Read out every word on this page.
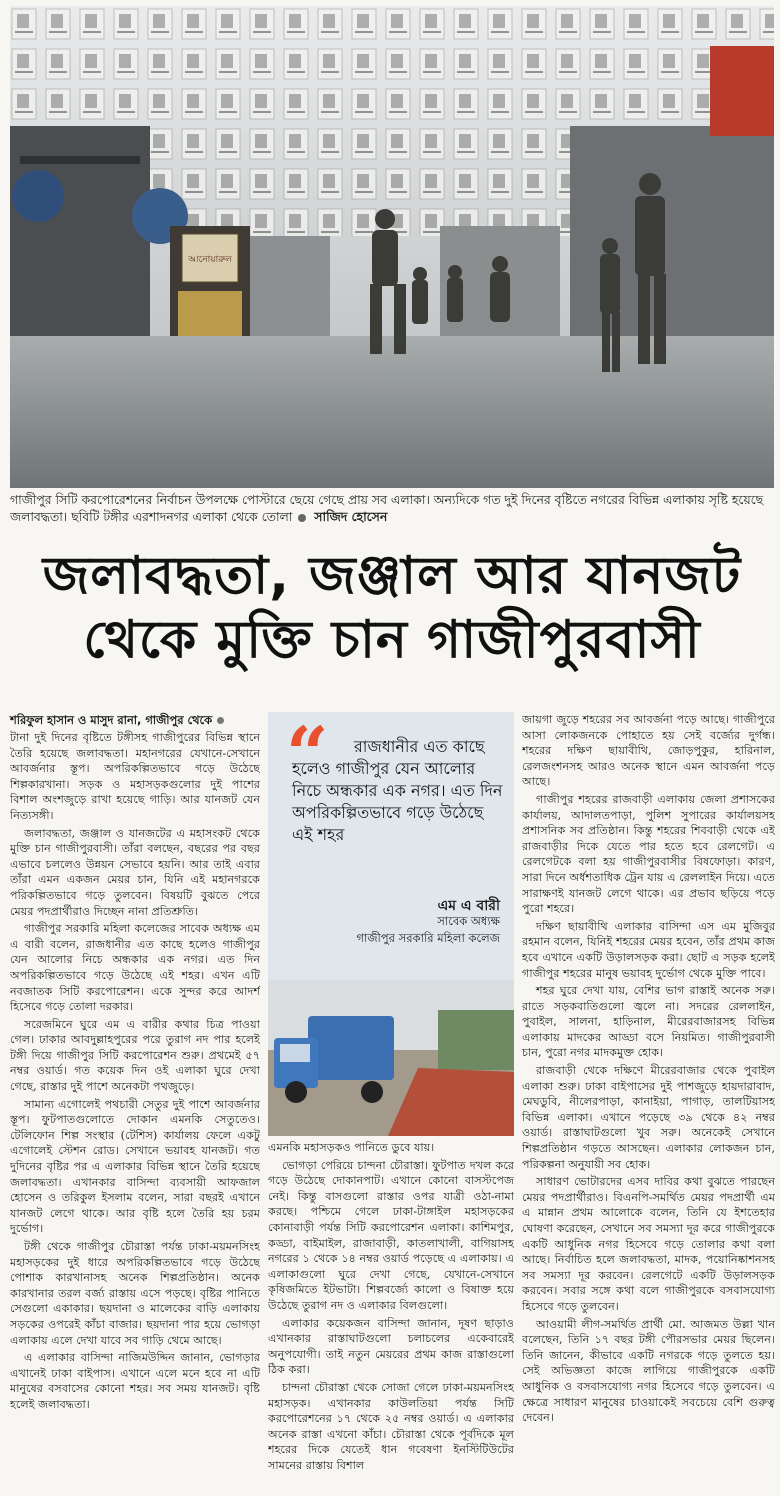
আনোয়ারুল
গাজীপুর সিটি করপোরেশনের নির্বাচন উপলক্ষে পোস্টারে ছেয়ে গেছে প্রায় সব এলাকা। অন্যদিকে গত দুই দিনের বৃষ্টিতে নগরের বিভিন্ন এলাকায় সৃষ্টি হয়েছে জলাবদ্ধতা। ছবিটি টঙ্গীর এরশাদনগর এলাকা থেকে তোলা সাজিদ হোসেন
জলাবদ্ধতা, জঞ্জাল আর যানজট
থেকে মুক্তি চান গাজীপুরবাসী
শরিফুল হাসান ও মাসুদ রানা, গাজীপুর থেকে

টানা দুই দিনের বৃষ্টিতে টঙ্গীসহ গাজীপুরের বিভিন্ন স্থানে তৈরি হয়েছে জলাবদ্ধতা। মহানগরের যেখানে-সেখানে আবর্জনার স্তূপ। অপরিকল্পিতভাবে গড়ে উঠেছে শিল্পকারখানা। সড়ক ও মহাসড়কগুলোর দুই পাশের বিশাল অংশজুড়ে রাখা হয়েছে গাড়ি। আর যানজট যেন নিত্যসঙ্গী।

জলাবদ্ধতা, জঞ্জাল ও যানজটের এ মহাসংকট থেকে মুক্তি চান গাজীপুরবাসী। তাঁরা বলছেন, বছরের পর বছর এভাবে চললেও উন্নয়ন সেভাবে হয়নি। আর তাই এবার তাঁরা এমন একজন মেয়র চান, যিনি এই মহানগরকে পরিকল্পিতভাবে গড়ে তুলবেন। বিষয়টি বুঝতে পেরে মেয়র পদপ্রার্থীরাও দিচ্ছেন নানা প্রতিশ্রুতি।

গাজীপুর সরকারি মহিলা কলেজের সাবেক অধ্যক্ষ এম এ বারী বলেন, রাজধানীর এত কাছে হলেও গাজীপুর যেন আলোর নিচে অন্ধকার এক নগর। এত দিন অপরিকল্পিতভাবে গড়ে উঠেছে এই শহর। এখন এটি নবজাতক সিটি করপোরেশন। একে সুন্দর করে আদর্শ হিসেবে গড়ে তোলা দরকার।

সরেজমিনে ঘুরে এম এ বারীর কথার চিত্র পাওয়া গেল। ঢাকার আবদুল্লাহপুরের পরে তুরাগ নদ পার হলেই টঙ্গী দিয়ে গাজীপুর সিটি করপোরেশন শুরু। প্রথমেই ৫৭ নম্বর ওয়ার্ড। গত কয়েক দিন ওই এলাকা ঘুরে দেখা গেছে, রাস্তার দুই পাশে অনেকটা পথজুড়ে।

সামান্য এগোলেই পথচারী সেতুর দুই পাশে আবর্জনার স্তূপ। ফুটপাতগুলোতে দোকান এমনকি সেতুতেও। টেলিফোন শিল্প সংস্থার (টেশিস) কার্যালয় ফেলে একটু এগোলেই স্টেশন রোড। সেখানে ভয়াবহ যানজট। গত দুদিনের বৃষ্টির পর এ এলাকার বিভিন্ন স্থানে তৈরি হয়েছে জলাবদ্ধতা। এখানকার বাসিন্দা ব্যবসায়ী আফজাল হোসেন ও তরিকুল ইসলাম বলেন, সারা বছরই এখানে যানজট লেগে থাকে। আর বৃষ্টি হলে তৈরি হয় চরম দুর্ভোগ।

টঙ্গী থেকে গাজীপুর চৌরাস্তা পর্যন্ত ঢাকা-ময়মনসিংহ মহাসড়কের দুই ধারে অপরিকল্পিতভাবে গড়ে উঠেছে পোশাক কারখানাসহ অনেক শিল্পপ্রতিষ্ঠান। অনেক কারখানার তরল বর্জ্য রাস্তায় এসে পড়ছে। বৃষ্টির পানিতে সেগুলো একাকার। ছয়দানা ও মালেকের বাড়ি এলাকায় সড়কের ওপরেই কাঁচা বাজার। ছয়দানা পার হয়ে ভোগড়া এলাকায় এলে দেখা যাবে সব গাড়ি থেমে আছে।

এ এলাকার বাসিন্দা নাজিমউদ্দিন জানান, ভোগড়ার এখানেই ঢাকা বাইপাস। এখানে এলে মনে হবে না এটি মানুষের বসবাসের কোনো শহর। সব সময় যানজট। বৃষ্টি হলেই জলাবদ্ধতা।

“	রাজধানীর এত কাছে হলেও গাজীপুর যেন আলোর নিচে অন্ধকার এক নগর। এত দিন অপরিকল্পিতভাবে গড়ে উঠেছে এই শহর
এম এ বারী
সাবেক অধ্যক্ষ
গাজীপুর সরকারি মহিলা কলেজ

এমনকি মহাসড়কও পানিতে ডুবে যায়।

ভোগড়া পেরিয়ে চান্দনা চৌরাস্তা। ফুটপাত দখল করে গড়ে উঠেছে দোকানপাট। এখানে কোনো বাসস্টপেজ নেই। কিন্তু বাসগুলো রাস্তার ওপর যাত্রী ওঠা-নামা করছে। পশ্চিমে গেলে ঢাকা-টাঙ্গাইল মহাসড়কের কোনাবাড়ী পর্যন্ত সিটি করপোরেশন এলাকা। কাশিমপুর, কড্ডা, বাইমাইল, রাজাবাড়ী, কাতলাখালী, বাগিয়াসহ নগরের ১ থেকে ১৪ নম্বর ওয়ার্ড পড়েছে এ এলাকায়। এ এলাকাগুলো ঘুরে দেখা গেছে, যেখানে-সেখানে কৃষিজমিতে ইটভাটা। শিল্পবর্জ্যে কালো ও বিষাক্ত হয়ে উঠেছে তুরাগ নদ ও এলাকার বিলগুলো।

এলাকার কয়েকজন বাসিন্দা জানান, দূষণ ছাড়াও এখানকার রাস্তাঘাটগুলো চলাচলের একেবারেই অনুপযোগী। তাই নতুন মেয়রের প্রথম কাজ রাস্তাগুলো ঠিক করা।

চান্দনা চৌরাস্তা থেকে সোজা গেলে ঢাকা-ময়মনসিংহ মহাসড়ক। এখানকার কাউলতিয়া পর্যন্ত সিটি করপোরেশনের ১৭ থেকে ২৫ নম্বর ওয়ার্ড। এ এলাকার অনেক রাস্তা এখনো কাঁচা। চৌরাস্তা থেকে পূর্বদিকে মূল শহরের দিকে যেতেই ধান গবেষণা ইনস্টিটিউটের সামনের রাস্তায় বিশাল

জায়গা জুড়ে শহরের সব আবর্জনা পড়ে আছে। গাজীপুরে আসা লোকজনকে পোহাতে হয় সেই বর্জ্যের দুর্গন্ধ। শহরের দক্ষিণ ছায়াবীথি, জোড়পুকুর, হারিনাল, রেলজংশনসহ আরও অনেক স্থানে এমন আবর্জনা পড়ে আছে।

গাজীপুর শহরের রাজবাড়ী এলাকায় জেলা প্রশাসকের কার্যালয়, আদালতপাড়া, পুলিশ সুপারের কার্যালয়সহ প্রশাসনিক সব প্রতিষ্ঠান। কিন্তু শহরের শিববাড়ী থেকে এই রাজবাড়ীর দিকে যেতে পার হতে হবে রেলগেট। এ রেলগেটকে বলা হয় গাজীপুরবাসীর বিষফোড়া। কারণ, সারা দিনে অর্ধশতাধিক ট্রেন যায় এ রেললাইন দিয়ে। এতে সারাক্ষণই যানজট লেগে থাকে। এর প্রভাব ছড়িয়ে পড়ে পুরো শহরে।

দক্ষিণ ছায়াবীথি এলাকার বাসিন্দা এস এম মুজিবুর রহমান বলেন, যিনিই শহরের মেয়র হবেন, তাঁর প্রথম কাজ হবে এখানে একটি উড়ালসড়ক করা। ছোট এ সড়ক হলেই গাজীপুর শহরের মানুষ ভয়াবহ দুর্ভোগ থেকে মুক্তি পাবে।

শহর ঘুরে দেখা যায়, বেশির ভাগ রাস্তাই অনেক সরু। রাতে সড়কবাতিগুলো জ্বলে না। সদরের রেললাইন, পুবাইল, সালনা, হাড়িনাল, মীরেরবাজারসহ বিভিন্ন এলাকায় মাদকের আড্ডা বসে নিয়মিত। গাজীপুরবাসী চান, পুরো নগর মাদকমুক্ত হোক।

রাজবাড়ী থেকে দক্ষিণে মীরেরবাজার থেকে পুবাইল এলাকা শুরু। ঢাকা বাইপাসের দুই পাশজুড়ে হায়দারাবাদ, মেঘডুবি, নীলেরপাড়া, কানাইয়া, পাগাড়, তালটিয়াসহ বিভিন্ন এলাকা। এখানে পড়েছে ৩৯ থেকে ৪২ নম্বর ওয়ার্ড। রাস্তাঘাটগুলো খুব সরু। অনেকেই সেখানে শিল্পপ্রতিষ্ঠান গড়তে আসছেন। এলাকার লোকজন চান, পরিকল্পনা অনুযায়ী সব হোক।

সাধারণ ভোটারদের এসব দাবির কথা বুঝতে পারছেন মেয়র পদপ্রার্থীরাও। বিএনপি-সমর্থিত মেয়র পদপ্রার্থী এম এ মান্নান প্রথম আলোকে বলেন, তিনি যে ইশতেহার ঘোষণা করেছেন, সেখানে সব সমস্যা দূর করে গাজীপুরকে একটি আধুনিক নগর হিসেবে গড়ে তোলার কথা বলা আছে। নির্বাচিত হলে জলাবদ্ধতা, মাদক, পয়োনিষ্কাশনসহ সব সমস্যা দূর করবেন। রেলগেটে একটি উড়ালসড়ক করবেন। সবার সঙ্গে কথা বলে গাজীপুরকে বসবাসযোগ্য হিসেবে গড়ে তুলবেন।

আওয়ামী লীগ-সমর্থিত প্রার্থী মো. আজমত উল্লা খান বলেছেন, তিনি ১৭ বছর টঙ্গী পৌরসভার মেয়র ছিলেন। তিনি জানেন, কীভাবে একটি নগরকে গড়ে তুলতে হয়। সেই অভিজ্ঞতা কাজে লাগিয়ে গাজীপুরকে একটি আধুনিক ও বসবাসযোগ্য নগর হিসেবে গড়ে তুলবেন। এ ক্ষেত্রে সাধারণ মানুষের চাওয়াকেই সবচেয়ে বেশি গুরুত্ব দেবেন।
